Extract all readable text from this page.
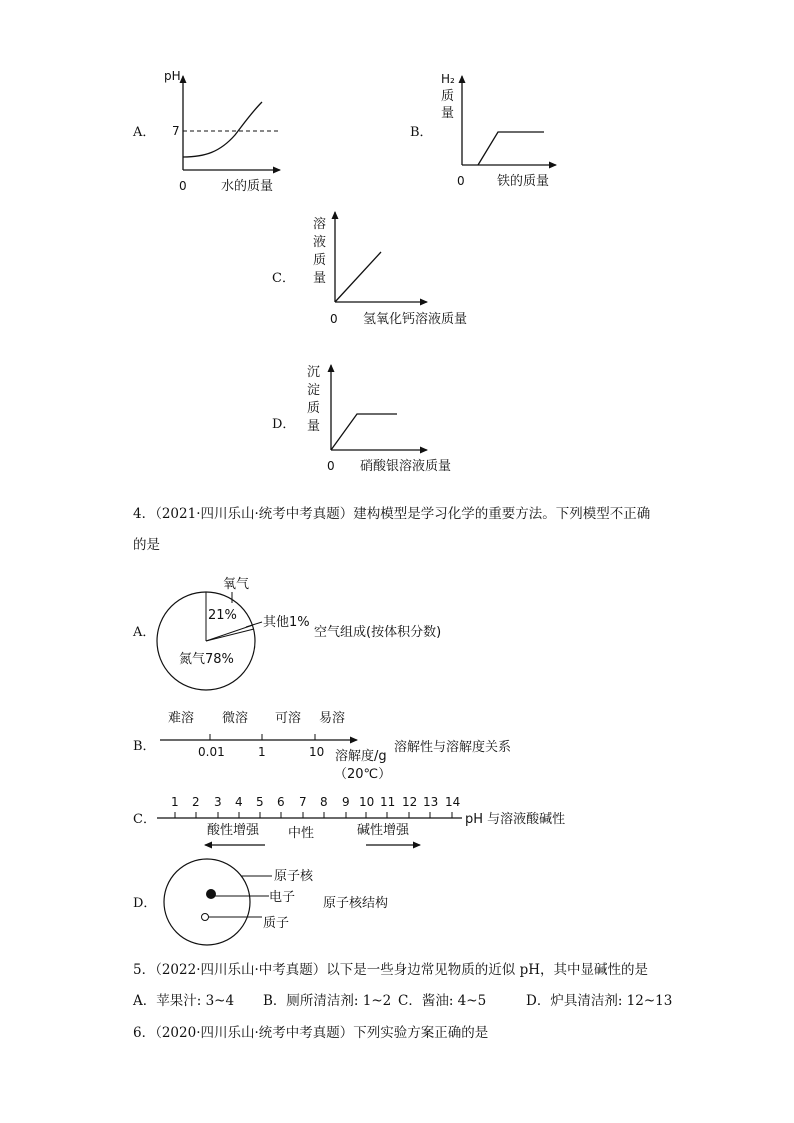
A．
pH
7
0	水的质量
B．
H₂
质
量
0 铁的质量
C．
溶
液
质
量
0 氢氧化钙溶液质量
D．
沉
淀
质
量
0 硝酸银溶液质量
4．（2021·四川乐山·统考中考真题）建构模型是学习化学的重要方法。下列模型不正确
的是
A．
氧气
21% 其他1%
氮气78%
空气组成(按体积分数)
B．
难溶 微溶 可溶 易溶
0.01	1	10 溶解度/g
（20℃）
溶解性与溶解度关系
C．
1 2 3 4 5 6 7 8 9 10 11 12 13 14
酸性增强 中性	碱性增强
pH 与溶液酸碱性
D．
原子核
电子
质子
原子核结构
5．（2022·四川乐山·中考真题）以下是一些身边常见物质的近似 pH，其中显碱性的是
A．苹果汁: 3~4 B．厕所清洁剂: 1~2 C．酱油: 4~5	D．炉具清洁剂: 12~13
6．（2020·四川乐山·统考中考真题）下列实验方案正确的是
